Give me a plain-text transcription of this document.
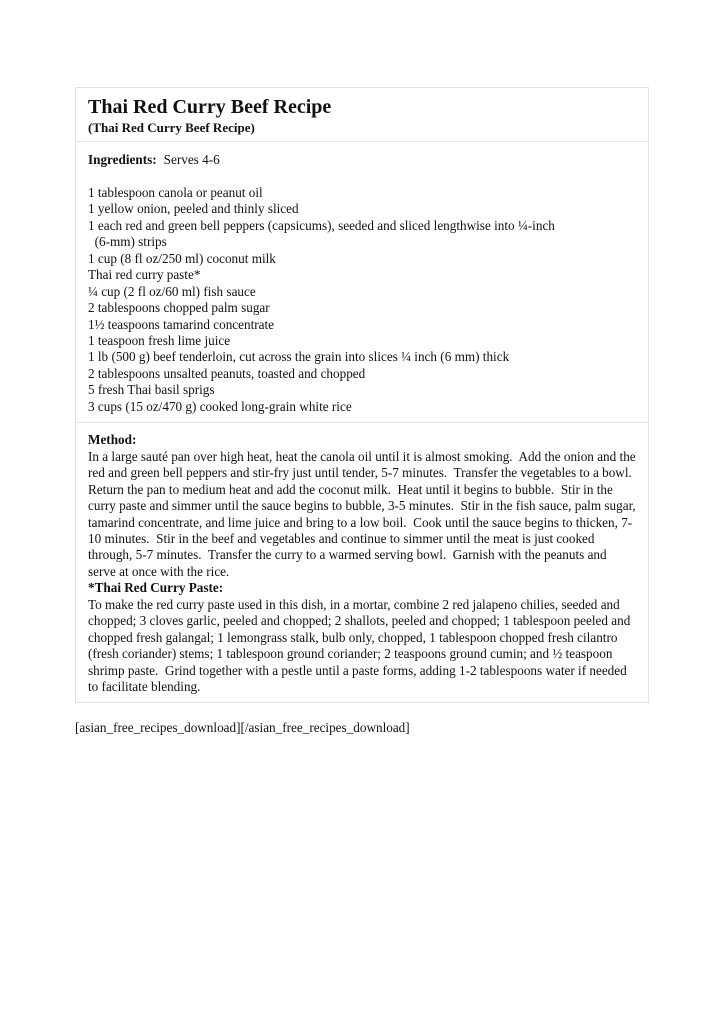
Thai Red Curry Beef Recipe
(Thai Red Curry Beef Recipe)
Ingredients: Serves 4-6
1 tablespoon canola or peanut oil
1 yellow onion, peeled and thinly sliced
1 each red and green bell peppers (capsicums), seeded and sliced lengthwise into ¼-inch
(6-mm) strips
1 cup (8 fl oz/250 ml) coconut milk
Thai red curry paste*
¼ cup (2 fl oz/60 ml) fish sauce
2 tablespoons chopped palm sugar
1½ teaspoons tamarind concentrate
1 teaspoon fresh lime juice
1 lb (500 g) beef tenderloin, cut across the grain into slices ¼ inch (6 mm) thick
2 tablespoons unsalted peanuts, toasted and chopped
5 fresh Thai basil sprigs
3 cups (15 oz/470 g) cooked long-grain white rice
Method:
In a large sauté pan over high heat, heat the canola oil until it is almost smoking.  Add the onion and the red and green bell peppers and stir-fry just until tender, 5-7 minutes.  Transfer the vegetables to a bowl.  Return the pan to medium heat and add the coconut milk.  Heat until it begins to bubble.  Stir in the curry paste and simmer until the sauce begins to bubble, 3-5 minutes.  Stir in the fish sauce, palm sugar, tamarind concentrate, and lime juice and bring to a low boil.  Cook until the sauce begins to thicken, 7-10 minutes.  Stir in the beef and vegetables and continue to simmer until the meat is just cooked through, 5-7 minutes.  Transfer the curry to a warmed serving bowl.  Garnish with the peanuts and serve at once with the rice.
*Thai Red Curry Paste:
To make the red curry paste used in this dish, in a mortar, combine 2 red jalapeno chilies, seeded and chopped; 3 cloves garlic, peeled and chopped; 2 shallots, peeled and chopped; 1 tablespoon peeled and chopped fresh galangal; 1 lemongrass stalk, bulb only, chopped, 1 tablespoon chopped fresh cilantro (fresh coriander) stems; 1 tablespoon ground coriander; 2 teaspoons ground cumin; and ½ teaspoon shrimp paste.  Grind together with a pestle until a paste forms, adding 1-2 tablespoons water if needed to facilitate blending.
[asian_free_recipes_download][/asian_free_recipes_download]
